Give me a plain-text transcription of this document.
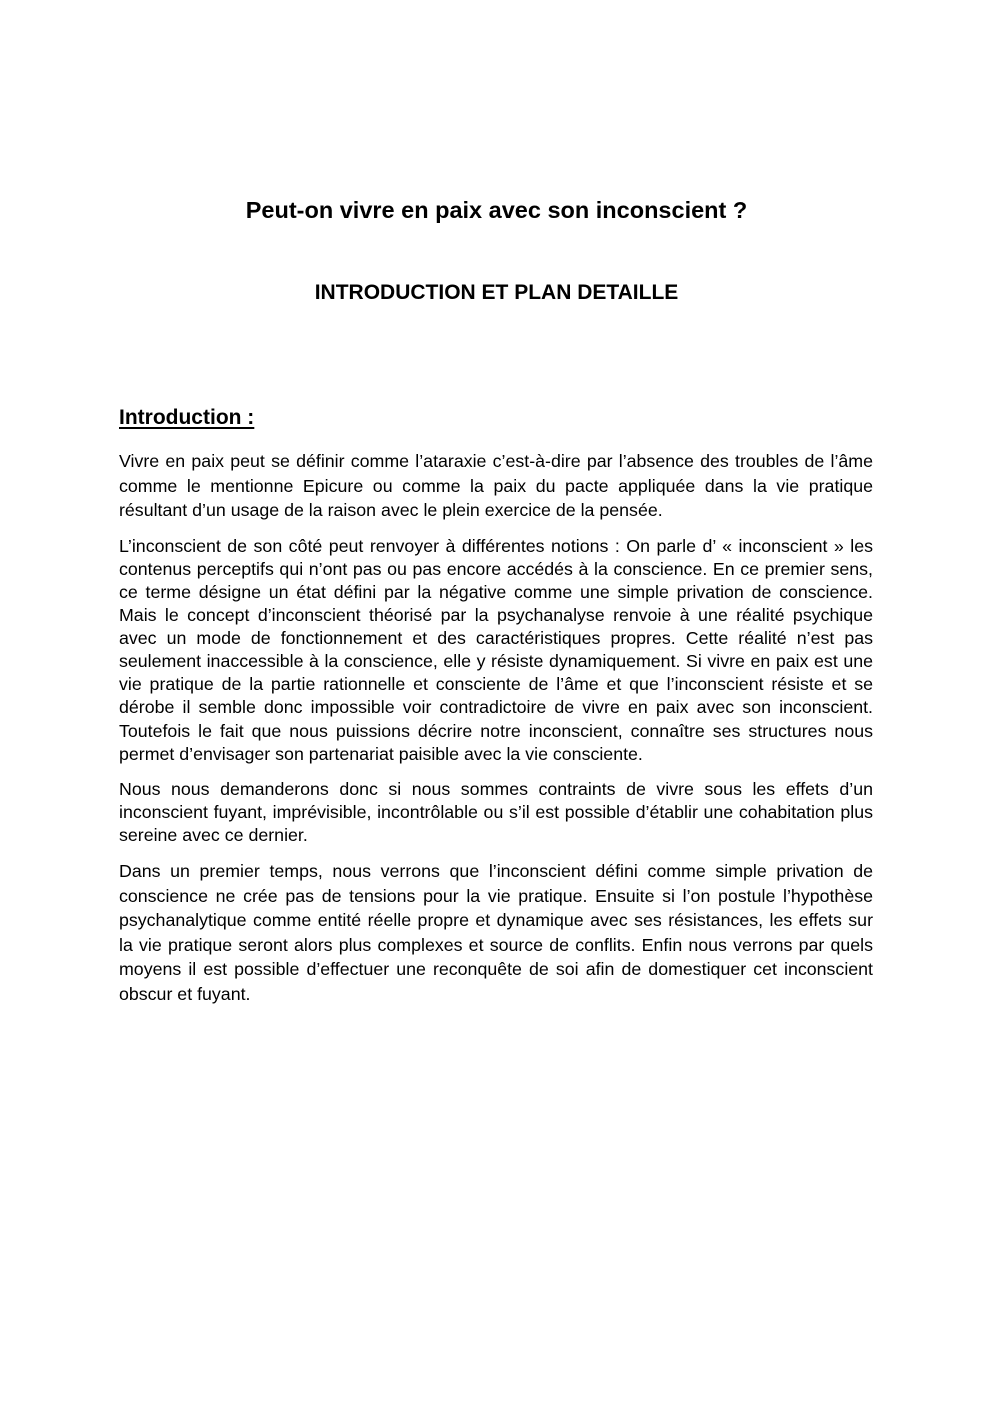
Peut-on vivre en paix avec son inconscient ?
INTRODUCTION ET PLAN DETAILLE
Introduction :

Vivre en paix peut se définir comme l’ataraxie c’est-à-dire par l’absence des troubles de l’âme comme le mentionne Epicure ou comme la paix du pacte appliquée dans la vie pratique résultant d’un usage de la raison avec le plein exercice de la pensée.

L’inconscient de son côté peut renvoyer à différentes notions : On parle d’ « inconscient » les contenus perceptifs qui n’ont pas ou pas encore accédés à la conscience. En ce premier sens, ce terme désigne un état défini par la négative comme une simple privation de conscience. Mais le concept d’inconscient théorisé par la psychanalyse renvoie à une réalité psychique avec un mode de fonctionnement et des caractéristiques propres. Cette réalité n’est pas seulement inaccessible à la conscience, elle y résiste dynamiquement. Si vivre en paix est une vie pratique de la partie rationnelle et consciente de l’âme et que l’inconscient résiste et se dérobe il semble donc impossible voir contradictoire de vivre en paix avec son inconscient. Toutefois le fait que nous puissions décrire notre inconscient, connaître ses structures nous permet d’envisager son partenariat paisible avec la vie consciente.

Nous nous demanderons donc si nous sommes contraints de vivre sous les effets d’un inconscient fuyant, imprévisible, incontrôlable ou s’il est possible d’établir une cohabitation plus sereine avec ce dernier.

Dans un premier temps, nous verrons que l’inconscient défini comme simple privation de conscience ne crée pas de tensions pour la vie pratique. Ensuite si l’on postule l’hypothèse psychanalytique comme entité réelle propre et dynamique avec ses résistances, les effets sur la vie pratique seront alors plus complexes et source de conflits. Enfin nous verrons par quels moyens il est possible d’effectuer une reconquête de soi afin de domestiquer cet inconscient obscur et fuyant.
